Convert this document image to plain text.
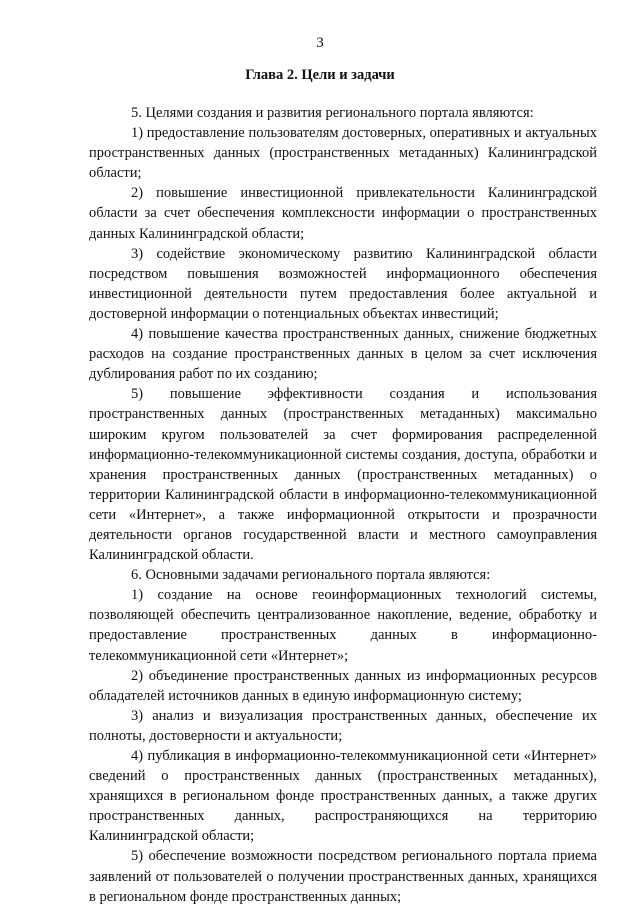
3
Глава 2. Цели и задачи

5. Целями создания и развития регионального портала являются:

1) предоставление пользователям достоверных, оперативных и актуальных пространственных данных (пространственных метаданных) Калининградской области;

2) повышение инвестиционной привлекательности Калининградской области за счет обеспечения комплексности информации о пространственных данных Калининградской области;

3) содействие экономическому развитию Калининградской области посредством повышения возможностей информационного обеспечения инвестиционной деятельности путем предоставления более актуальной и достоверной информации о потенциальных объектах инвестиций;

4) повышение качества пространственных данных, снижение бюджетных расходов на создание пространственных данных в целом за счет исключения дублирования работ по их созданию;

5) повышение эффективности создания и использования пространственных данных (пространственных метаданных) максимально широким кругом пользователей за счет формирования распределенной информационно-телекоммуникационной системы создания, доступа, обработки и хранения пространственных данных (пространственных метаданных) о территории Калининградской области в информационно-телекоммуникационной сети «Интернет», а также информационной открытости и прозрачности деятельности органов государственной власти и местного самоуправления Калининградской области.

6. Основными задачами регионального портала являются:

1) создание на основе геоинформационных технологий системы, позволяющей обеспечить централизованное накопление, ведение, обработку и предоставление пространственных данных в информационно-телекоммуникационной сети «Интернет»;

2) объединение пространственных данных из информационных ресурсов обладателей источников данных в единую информационную систему;

3) анализ и визуализация пространственных данных, обеспечение их полноты, достоверности и актуальности;

4) публикация в информационно-телекоммуникационной сети «Интернет» сведений о пространственных данных (пространственных метаданных), хранящихся в региональном фонде пространственных данных, а также других пространственных данных, распространяющихся на территорию Калининградской области;

5) обеспечение возможности посредством регионального портала приема заявлений от пользователей о получении пространственных данных, хранящихся в региональном фонде пространственных данных;
